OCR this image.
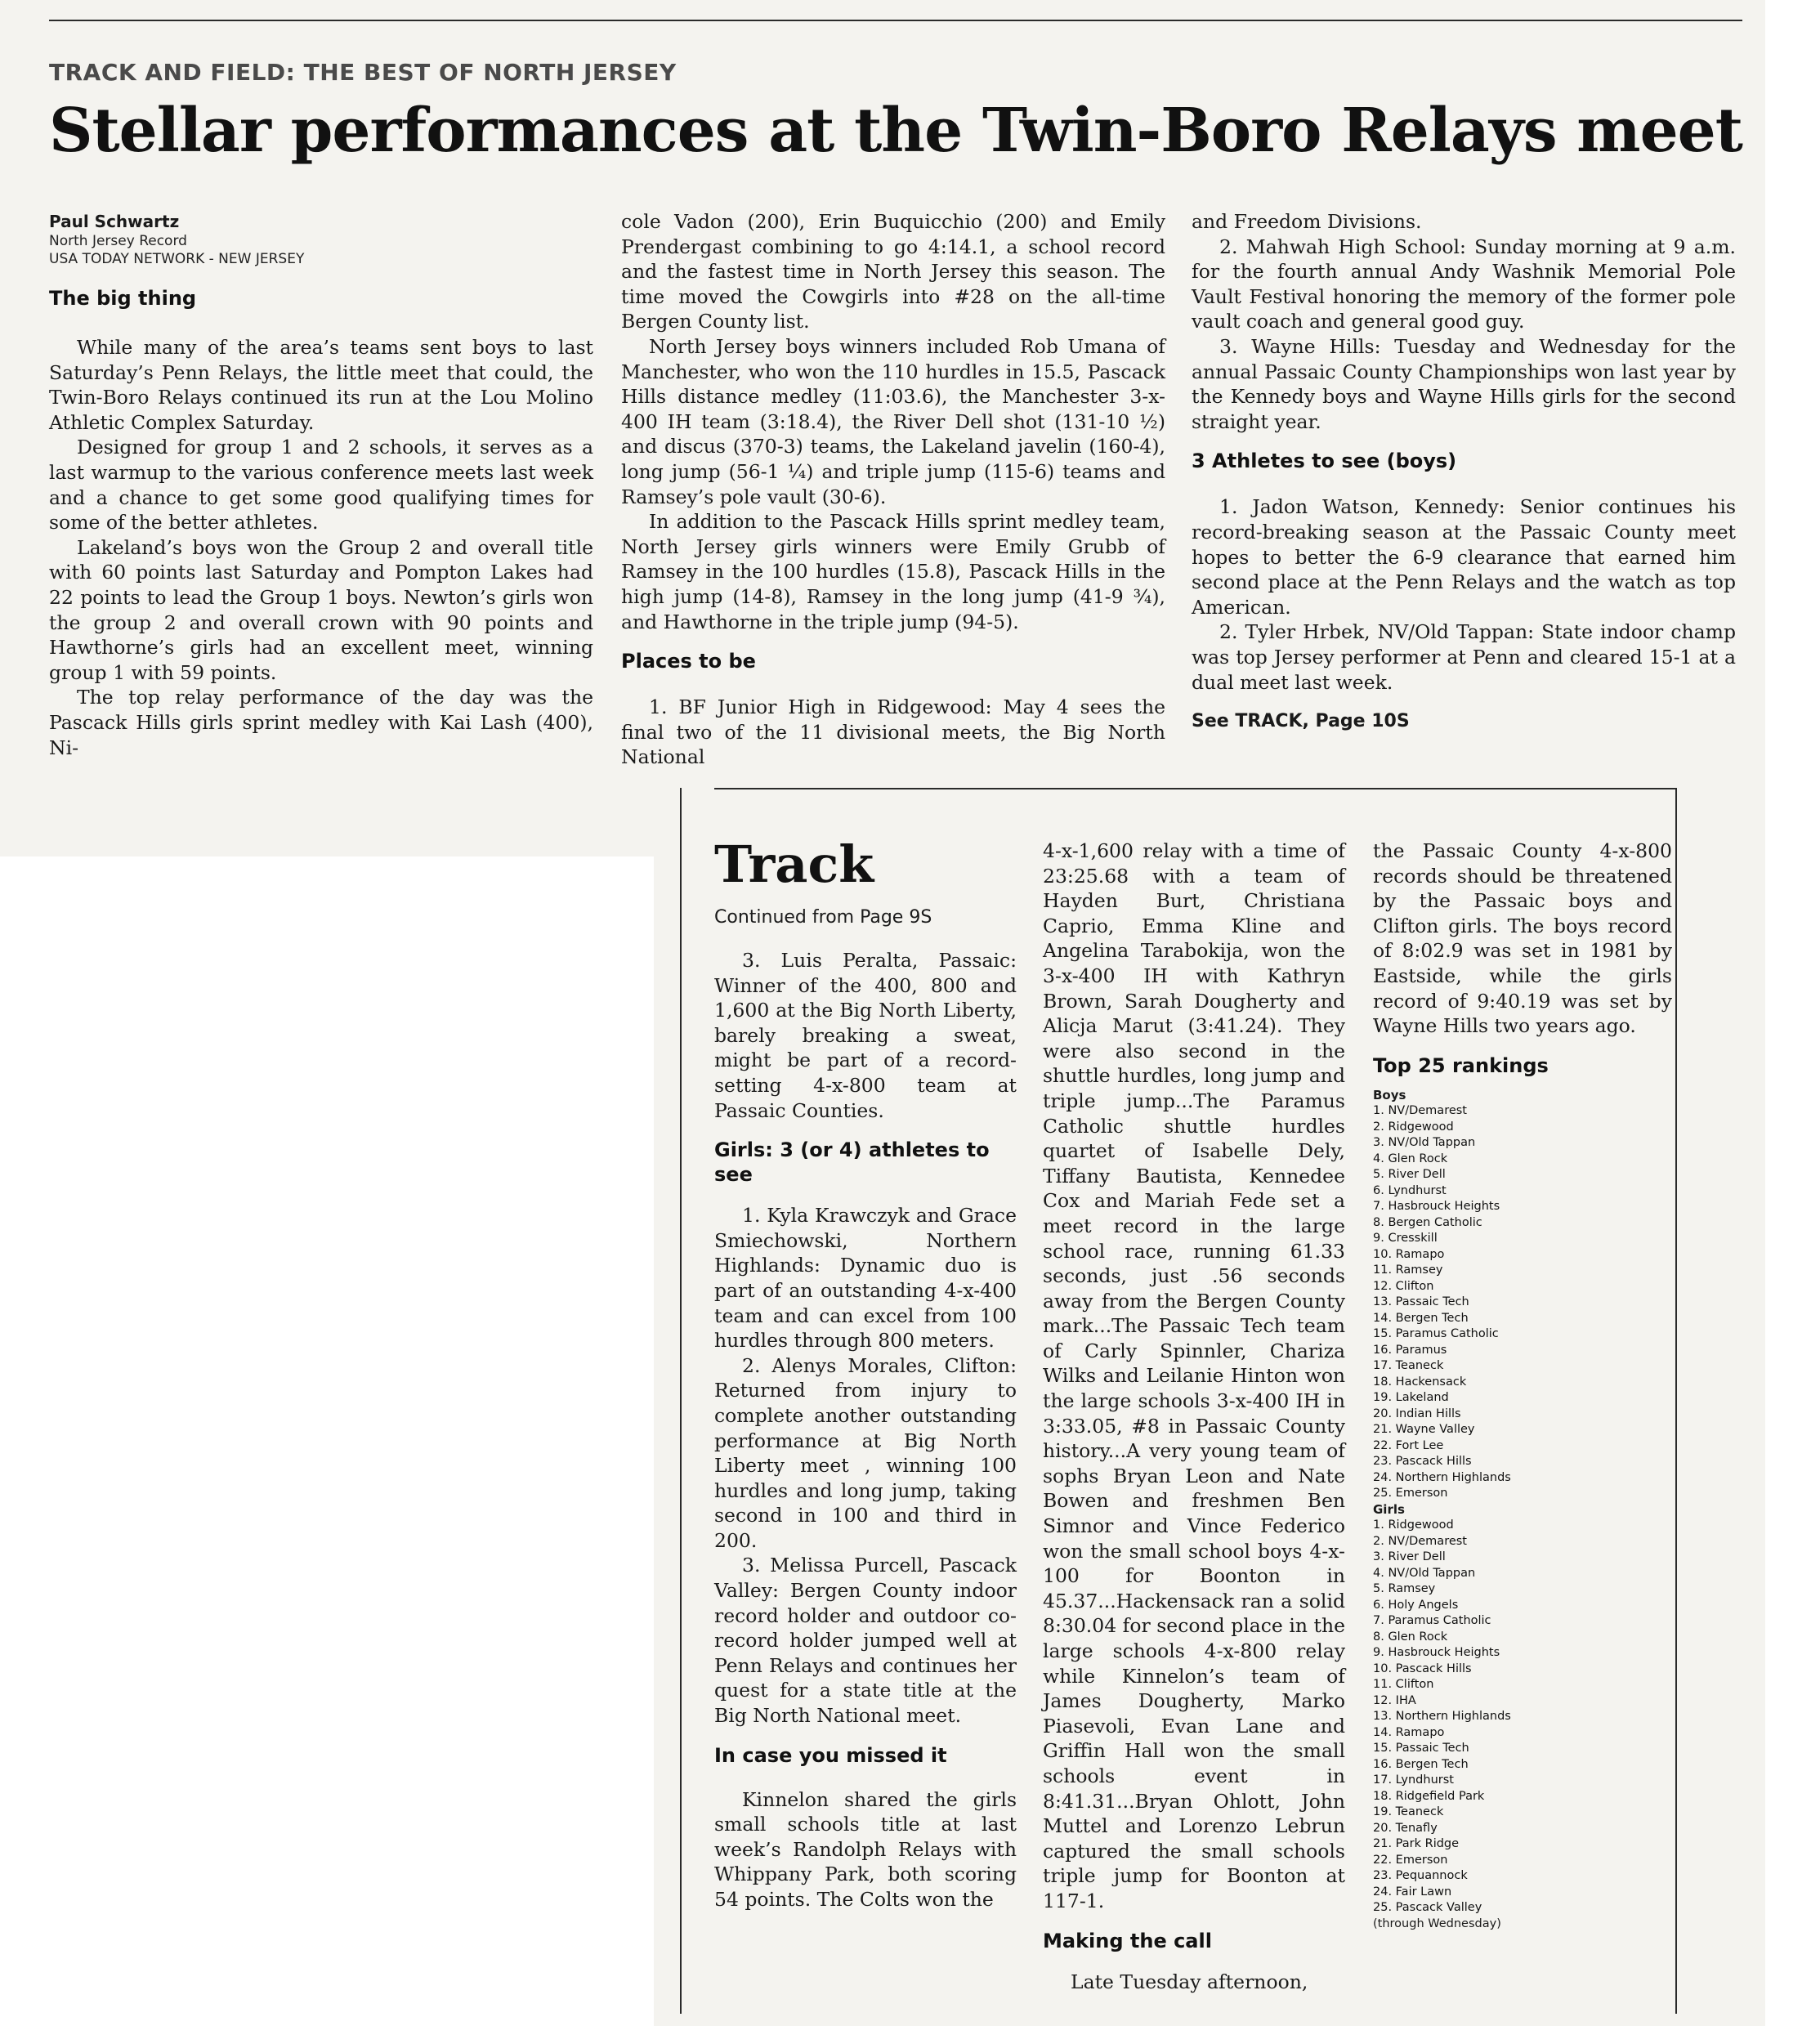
TRACK AND FIELD: THE BEST OF NORTH JERSEY
Stellar performances at the Twin-Boro Relays meet
Paul Schwartz
North Jersey Record
USA TODAY NETWORK - NEW JERSEY
The big thing

While many of the area’s teams sent boys to last Saturday’s Penn Relays, the little meet that could, the Twin-Boro Relays continued its run at the Lou Molino Athletic Complex Saturday.

Designed for group 1 and 2 schools, it serves as a last warmup to the various conference meets last week and a chance to get some good qualifying times for some of the better athletes.

Lakeland’s boys won the Group 2 and overall title with 60 points last Saturday and Pompton Lakes had 22 points to lead the Group 1 boys. Newton’s girls won the group 2 and overall crown with 90 points and Hawthorne’s girls had an excellent meet, winning group 1 with 59 points.

The top relay performance of the day was the Pascack Hills girls sprint medley with Kai Lash (400), Ni-

cole Vadon (200), Erin Buquicchio (200) and Emily Prendergast combining to go 4:14.1, a school record and the fastest time in North Jersey this season. The time moved the Cowgirls into #28 on the all-time Bergen County list.

North Jersey boys winners included Rob Umana of Manchester, who won the 110 hurdles in 15.5, Pascack Hills distance medley (11:03.6), the Manchester 3-x-400 IH team (3:18.4), the River Dell shot (131-10 ½) and discus (370-3) teams, the Lakeland javelin (160-4), long jump (56-1 ¼) and triple jump (115-6) teams and Ramsey’s pole vault (30-6).

In addition to the Pascack Hills sprint medley team, North Jersey girls winners were Emily Grubb of Ramsey in the 100 hurdles (15.8), Pascack Hills in the high jump (14-8), Ramsey in the long jump (41-9 ¾), and Hawthorne in the triple jump (94-5).

Places to be

1. BF Junior High in Ridgewood: May 4 sees the final two of the 11 divisional meets, the Big North National

and Freedom Divisions.

2. Mahwah High School: Sunday morning at 9 a.m. for the fourth annual Andy Washnik Memorial Pole Vault Festival honoring the memory of the former pole vault coach and general good guy.

3. Wayne Hills: Tuesday and Wednesday for the annual Passaic County Championships won last year by the Kennedy boys and Wayne Hills girls for the second straight year.

3 Athletes to see (boys)

1. Jadon Watson, Kennedy: Senior continues his record-breaking season at the Passaic County meet hopes to better the 6-9 clearance that earned him second place at the Penn Relays and the watch as top American.

2. Tyler Hrbek, NV/Old Tappan: State indoor champ was top Jersey performer at Penn and cleared 15-1 at a dual meet last week.

See TRACK, Page 10S
Track
Continued from Page 9S

3. Luis Peralta, Passaic: Winner of the 400, 800 and 1,600 at the Big North Liberty, barely breaking a sweat, might be part of a record-setting 4-x-800 team at Passaic Counties.

Girls: 3 (or 4) athletes to see

1. Kyla Krawczyk and Grace Smiechowski, Northern Highlands: Dynamic duo is part of an outstanding 4-x-400 team and can excel from 100 hurdles through 800 meters.

2. Alenys Morales, Clifton: Returned from injury to complete another outstanding performance at Big North Liberty meet , winning 100 hurdles and long jump, taking second in 100 and third in 200.

3. Melissa Purcell, Pascack Valley: Bergen County indoor record holder and outdoor co-record holder jumped well at Penn Relays and continues her quest for a state title at the Big North National meet.

In case you missed it

Kinnelon shared the girls small schools title at last week’s Randolph Relays with Whippany Park, both scoring 54 points. The Colts won the

4-x-1,600 relay with a time of 23:25.68 with a team of Hayden Burt, Christiana Caprio, Emma Kline and Angelina Tarabokija, won the 3-x-400 IH with Kathryn Brown, Sarah Dougherty and Alicja Marut (3:41.24). They were also second in the shuttle hurdles, long jump and triple jump...The Paramus Catholic shuttle hurdles quartet of Isabelle Dely, Tiffany Bautista, Kennedee Cox and Mariah Fede set a meet record in the large school race, running 61.33 seconds, just .56 seconds away from the Bergen County mark...The Passaic Tech team of Carly Spinnler, Chariza Wilks and Leilanie Hinton won the large schools 3-x-400 IH in 3:33.05, #8 in Passaic County history...A very young team of sophs Bryan Leon and Nate Bowen and freshmen Ben Simnor and Vince Federico won the small school boys 4-x-100 for Boonton in 45.37...Hackensack ran a solid 8:30.04 for second place in the large schools 4-x-800 relay while Kinnelon’s team of James Dougherty, Marko Piasevoli, Evan Lane and Griffin Hall won the small schools event in 8:41.31...Bryan Ohlott, John Muttel and Lorenzo Lebrun captured the small schools triple jump for Boonton at 117-1.

Making the call

Late Tuesday afternoon,

the Passaic County 4-x-800 records should be threatened by the Passaic boys and Clifton girls. The boys record of 8:02.9 was set in 1981 by Eastside, while the girls record of 9:40.19 was set by Wayne Hills two years ago.

Top 25 rankings
Boys
1. NV/Demarest
2. Ridgewood
3. NV/Old Tappan
4. Glen Rock
5. River Dell
6. Lyndhurst
7. Hasbrouck Heights
8. Bergen Catholic
9. Cresskill
10. Ramapo
11. Ramsey
12. Clifton
13. Passaic Tech
14. Bergen Tech
15. Paramus Catholic
16. Paramus
17. Teaneck
18. Hackensack
19. Lakeland
20. Indian Hills
21. Wayne Valley
22. Fort Lee
23. Pascack Hills
24. Northern Highlands
25. Emerson
Girls
1. Ridgewood
2. NV/Demarest
3. River Dell
4. NV/Old Tappan
5. Ramsey
6. Holy Angels
7. Paramus Catholic
8. Glen Rock
9. Hasbrouck Heights
10. Pascack Hills
11. Clifton
12. IHA
13. Northern Highlands
14. Ramapo
15. Passaic Tech
16. Bergen Tech
17. Lyndhurst
18. Ridgefield Park
19. Teaneck
20. Tenafly
21. Park Ridge
22. Emerson
23. Pequannock
24. Fair Lawn
25. Pascack Valley
(through Wednesday)
